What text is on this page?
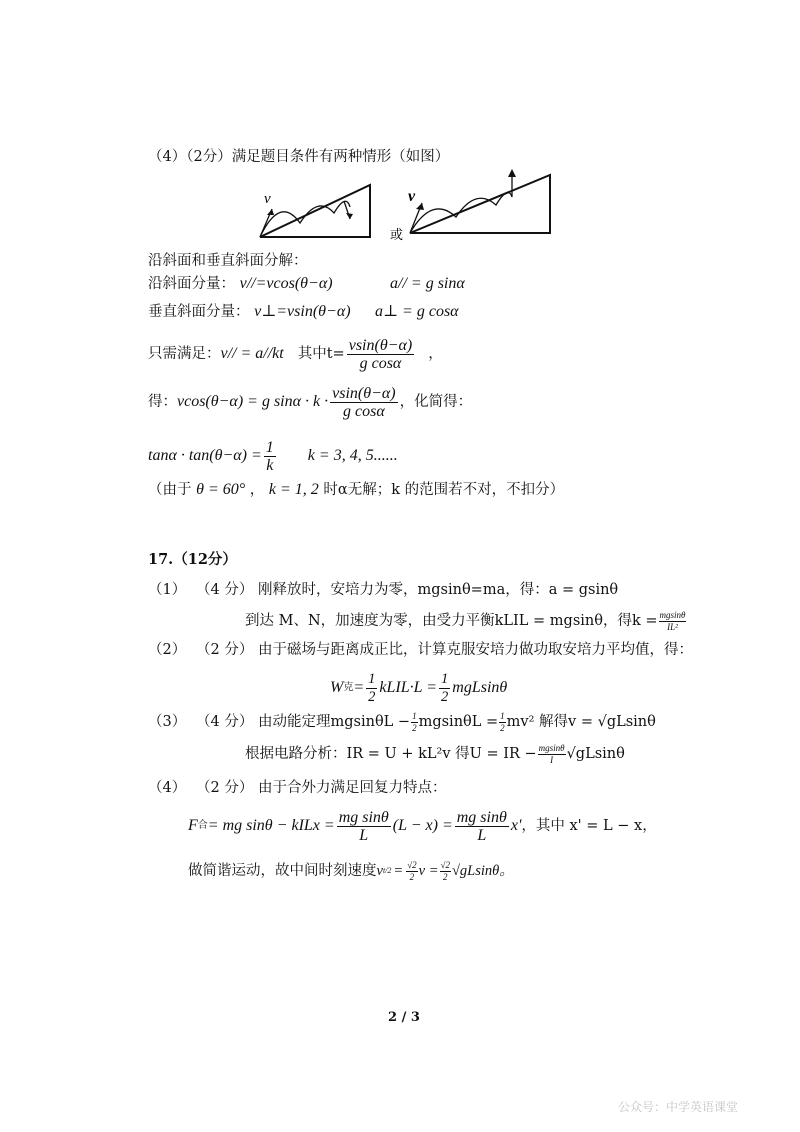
（4）（2分）满足题目条件有两种情形（如图）
v
或
v
沿斜面和垂直斜面分解：
沿斜面分量： v//=vcos(θ−α)	a// = g sinα
垂直斜面分量： v⊥=vsin(θ−α) a⊥ = g cosα
只需满足： v// = a//kt 其中$t= \frac{vsin(\theta-\alpha)}{\text{g cosα}}$ ，
得： vcos(θ−α) = g $\sin\alpha \cdot k \cdot \frac{vsin(\theta-\alpha)}{\text{g cosα}}$ ，化简得：
$\tan\alpha \cdot \tan(\theta-\alpha) = \frac{1}{k}$ k = 3, 4, 5......
（由于 θ = 60° ， k = 1, 2 时α无解；k 的范围若不对，不扣分）
17.（12分）
（1） （4 分） 刚释放时，安培力为零，mgsinθ=ma，得：a = gsinθ
到达 M、N，加速度为零，由受力平衡kLIL = mgsinθ，得$k = \frac{mgsin\theta}{\text{IL²}}$
（2） （2 分） 由于磁场与距离成正比，计算克服安培力做功取安培力平均值，得：
W 克 = $\frac{1}{2}$ kLIL·L = $\frac{1}{2}$ mgLsinθ
（3） （4 分） 由动能定理$mgsin\theta L - \frac{1}{2}$ $mgsin\theta L = \frac{1}{2} mv^2$ 解得v = √gLsinθ
根据电路分析：IR = U + kL²v 得U = IR − $\frac{mgsin\theta}{I} √gLsin\theta$
（4） （2 分） 由于合外力满足回复力特点：
F 合 = mg sinθ − kILx = $\frac{\text{mg sinθ}}{L} (L - x) = \frac{\text{mg sinθ}}{L} x'$ ，其中 x' = L − x，
做简谐运动，故中间时刻速度 v $t/2 = \frac{√2}{2}$ $v = \frac{√2}{2} √gLsin\theta$。
2 / 3
公众号：中学英语课堂
